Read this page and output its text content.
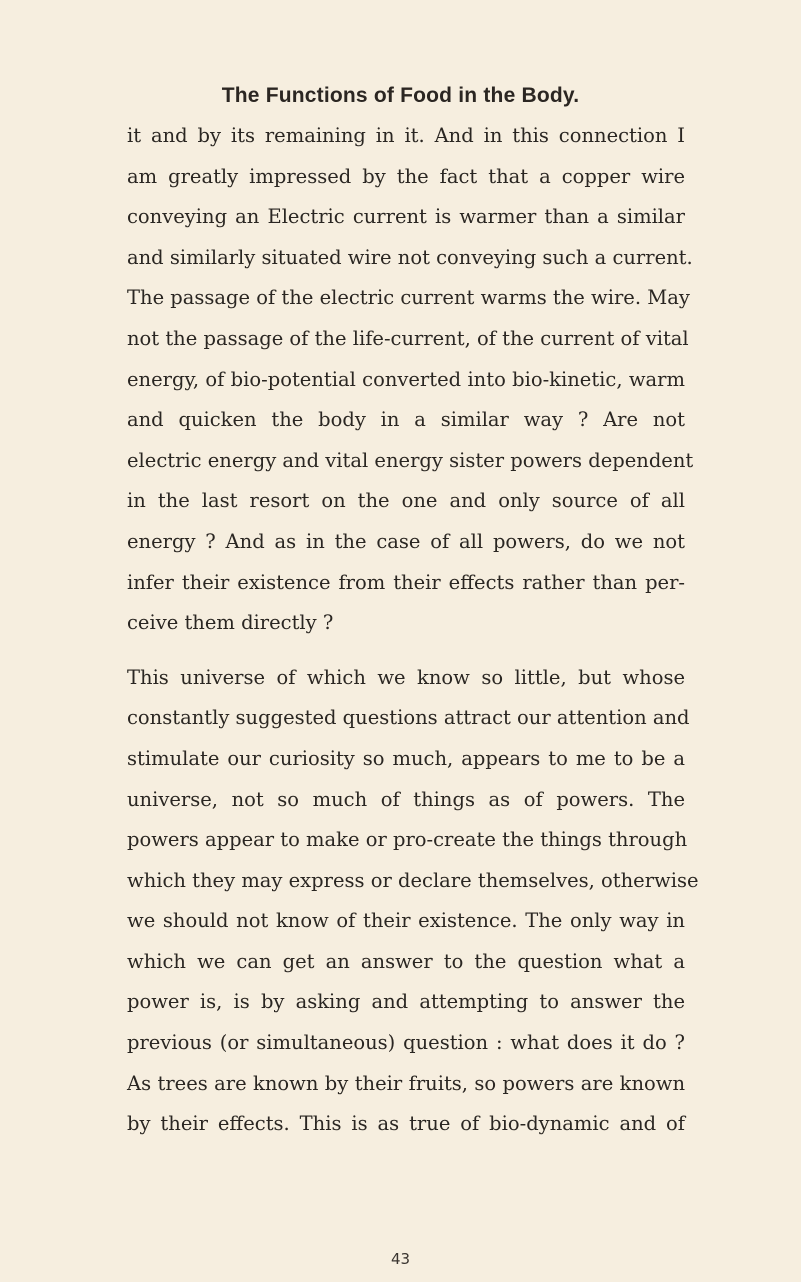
The Functions of Food in the Body.
it and by its remaining in it. And in this connection I
am greatly impressed by the fact that a copper wire
conveying an Electric current is warmer than a similar
and similarly situated wire not conveying such a current.
The passage of the electric current warms the wire. May
not the passage of the life-current, of the current of vital
energy, of bio-potential converted into bio-kinetic, warm
and quicken the body in a similar way ? Are not
electric energy and vital energy sister powers dependent
in the last resort on the one and only source of all
energy ? And as in the case of all powers, do we not
infer their existence from their effects rather than per-
ceive them directly ?
This universe of which we know so little, but whose
constantly suggested questions attract our attention and
stimulate our curiosity so much, appears to me to be a
universe, not so much of things as of powers. The
powers appear to make or pro-create the things through
which they may express or declare themselves, otherwise
we should not know of their existence. The only way in
which we can get an answer to the question what a
power is, is by asking and attempting to answer the
previous (or simultaneous) question : what does it do ?
As trees are known by their fruits, so powers are known
by their effects. This is as true of bio-dynamic and of
43
